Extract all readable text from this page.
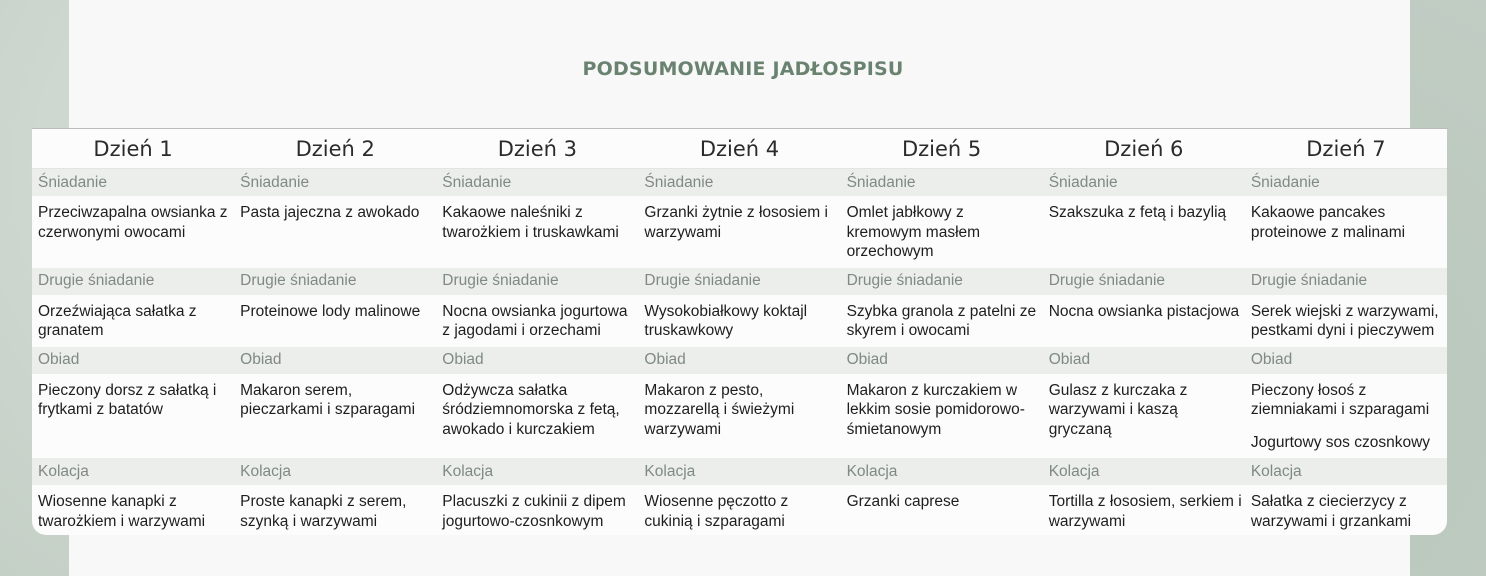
PODSUMOWANIE JADŁOSPISU
Dzień 1	Dzień 2	Dzień 3	Dzień 4	Dzień 5	Dzień 6	Dzień 7
Śniadanie	Śniadanie	Śniadanie	Śniadanie	Śniadanie	Śniadanie	Śniadanie

Przeciwzapalna owsianka z czerwonymi owocami	Pasta jajeczna z awokado	Kakaowe naleśniki z twarożkiem i truskawkami	Grzanki żytnie z łososiem i warzywami	Omlet jabłkowy z kremowym masłem orzechowym	Szakszuka z fetą i bazylią	Kakaowe pancakes proteinowe z malinami

Drugie śniadanie	Drugie śniadanie	Drugie śniadanie	Drugie śniadanie	Drugie śniadanie	Drugie śniadanie	Drugie śniadanie

Orzeźwiająca sałatka z granatem	Proteinowe lody malinowe	Nocna owsianka jogurtowa z jagodami i orzechami	Wysokobiałkowy koktajl truskawkowy	Szybka granola z patelni ze skyrem i owocami	Nocna owsianka pistacjowa	Serek wiejski z warzywami, pestkami dyni i pieczywem

Obiad	Obiad	Obiad	Obiad	Obiad	Obiad	Obiad

Pieczony dorsz z sałatką i frytkami z batatów	Makaron serem, pieczarkami i szparagami	Odżywcza sałatka śródziemnomorska z fetą, awokado i kurczakiem	Makaron z pesto, mozzarellą i świeżymi warzywami	Makaron z kurczakiem w lekkim sosie pomidorowo-śmietanowym	Gulasz z kurczaka z warzywami i kaszą gryczaną	Pieczony łosoś z ziemniakami i szparagami
Jogurtowy sos czosnkowy

Kolacja	Kolacja	Kolacja	Kolacja	Kolacja	Kolacja	Kolacja

Wiosenne kanapki z twarożkiem i warzywami	Proste kanapki z serem, szynką i warzywami	Placuszki z cukinii z dipem jogurtowo-czosnkowym	Wiosenne pęczotto z cukinią i szparagami	Grzanki caprese	Tortilla z łososiem, serkiem i warzywami	Sałatka z ciecierzycy z warzywami i grzankami
